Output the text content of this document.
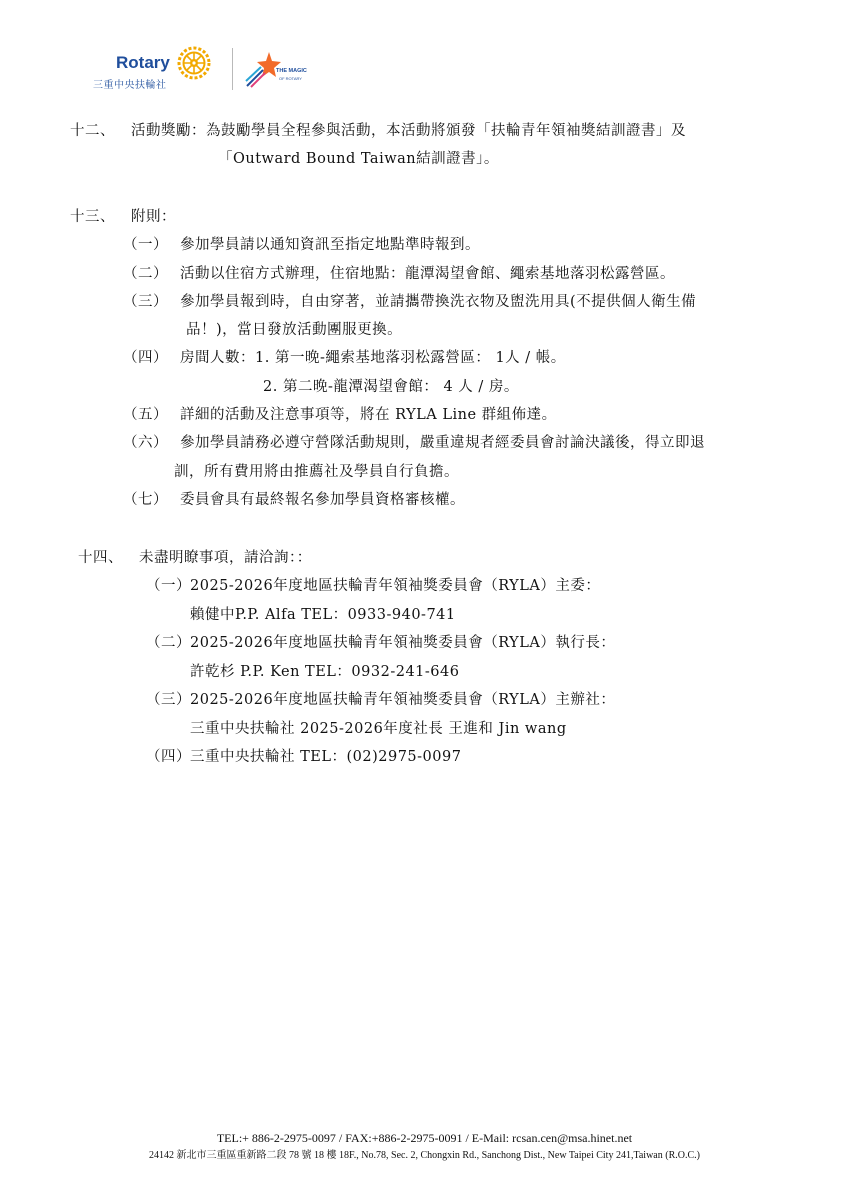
Rotary
三重中央扶輪社
THE MAGIC
OF ROTARY
十二、 活動獎勵：為鼓勵學員全程參與活動，本活動將頒發「扶輪青年領袖獎結訓證書」及
「Outward Bound Taiwan結訓證書」。
十三、 附則：
（一） 參加學員請以通知資訊至指定地點準時報到。
（二） 活動以住宿方式辦理，住宿地點：龍潭渴望會館、繩索基地落羽松露營區。
（三） 參加學員報到時，自由穿著，並請攜帶換洗衣物及盥洗用具(不提供個人衛生備
品！)，當日發放活動團服更換。
（四） 房間人數：1. 第一晚-繩索基地落羽松露營區： 1人 / 帳。
2. 第二晚-龍潭渴望會館： 4 人 / 房。
（五） 詳細的活動及注意事項等，將在 RYLA Line 群組佈達。
（六） 參加學員請務必遵守營隊活動規則，嚴重違規者經委員會討論決議後，得立即退
訓，所有費用將由推薦社及學員自行負擔。
（七） 委員會具有最終報名參加學員資格審核權。
十四、 未盡明瞭事項，請洽詢：：
（一） 2025-2026年度地區扶輪青年領袖獎委員會（RYLA）主委：
賴健中P.P. Alfa TEL：0933-940-741
（二） 2025-2026年度地區扶輪青年領袖獎委員會（RYLA）執行長：
許乾杉 P.P. Ken TEL：0932-241-646
（三） 2025-2026年度地區扶輪青年領袖獎委員會（RYLA）主辦社：
三重中央扶輪社 2025-2026年度社長 王進和 Jin wang
（四） 三重中央扶輪社 TEL：(02)2975-0097
TEL:+ 886-2-2975-0097 / FAX:+886-2-2975-0091 / E-Mail: rcsan.cen@msa.hinet.net
24142 新北市三重區重新路二段 78 號 18 樓 18F., No.78, Sec. 2, Chongxin Rd., Sanchong Dist., New Taipei City 241,Taiwan (R.O.C.)
